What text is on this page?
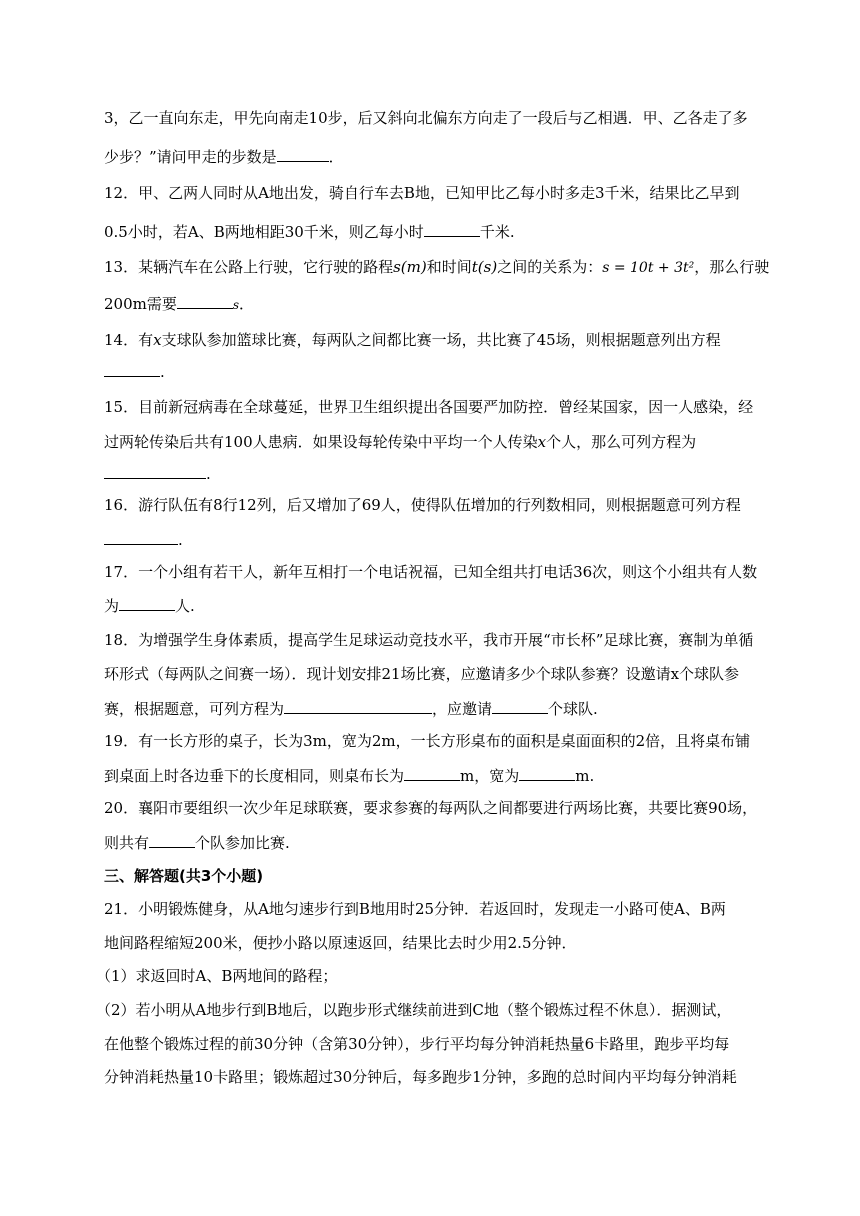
3，乙一直向东走，甲先向南走10步，后又斜向北偏东方向走了一段后与乙相遇．甲、乙各走了多
少步？”请问甲走的步数是	．
12．甲、乙两人同时从A地出发，骑自行车去B地，已知甲比乙每小时多走3千米，结果比乙早到
0.5小时，若A、B两地相距30千米，则乙每小时	千米.
13．某辆汽车在公路上行驶，它行驶的路程s(m)和时间t(s)之间的关系为：s = 10t + 3t²，那么行驶
200m需要	s．
14．有x支球队参加篮球比赛，每两队之间都比赛一场，共比赛了45场，则根据题意列出方程
.
15．目前新冠病毒在全球蔓延，世界卫生组织提出各国要严加防控．曾经某国家，因一人感染，经
过两轮传染后共有100人患病．如果设每轮传染中平均一个人传染x个人，那么可列方程为
.
16．游行队伍有8行12列，后又增加了69人，使得队伍增加的行列数相同，则根据题意可列方程
.
17．一个小组有若干人，新年互相打一个电话祝福，已知全组共打电话36次，则这个小组共有人数
为	人.
18．为增强学生身体素质，提高学生足球运动竞技水平，我市开展“市长杯”足球比赛，赛制为单循
环形式（每两队之间赛一场）．现计划安排21场比赛，应邀请多少个球队参赛？设邀请x个球队参
赛，根据题意，可列方程为	，应邀请	个球队.
19．有一长方形的桌子，长为3m，宽为2m，一长方形桌布的面积是桌面面积的2倍，且将桌布铺
到桌面上时各边垂下的长度相同，则桌布长为	m，宽为	m.
20．襄阳市要组织一次少年足球联赛，要求参赛的每两队之间都要进行两场比赛，共要比赛90场，
则共有	个队参加比赛.
三、解答题(共3个小题)
21．小明锻炼健身，从A地匀速步行到B地用时25分钟．若返回时，发现走一小路可使A、B两
地间路程缩短200米，便抄小路以原速返回，结果比去时少用2.5分钟．
（1）求返回时A、B两地间的路程；
（2）若小明从A地步行到B地后，以跑步形式继续前进到C地（整个锻炼过程不休息）．据测试，
在他整个锻炼过程的前30分钟（含第30分钟），步行平均每分钟消耗热量6卡路里，跑步平均每
分钟消耗热量10卡路里；锻炼超过30分钟后，每多跑步1分钟，多跑的总时间内平均每分钟消耗
